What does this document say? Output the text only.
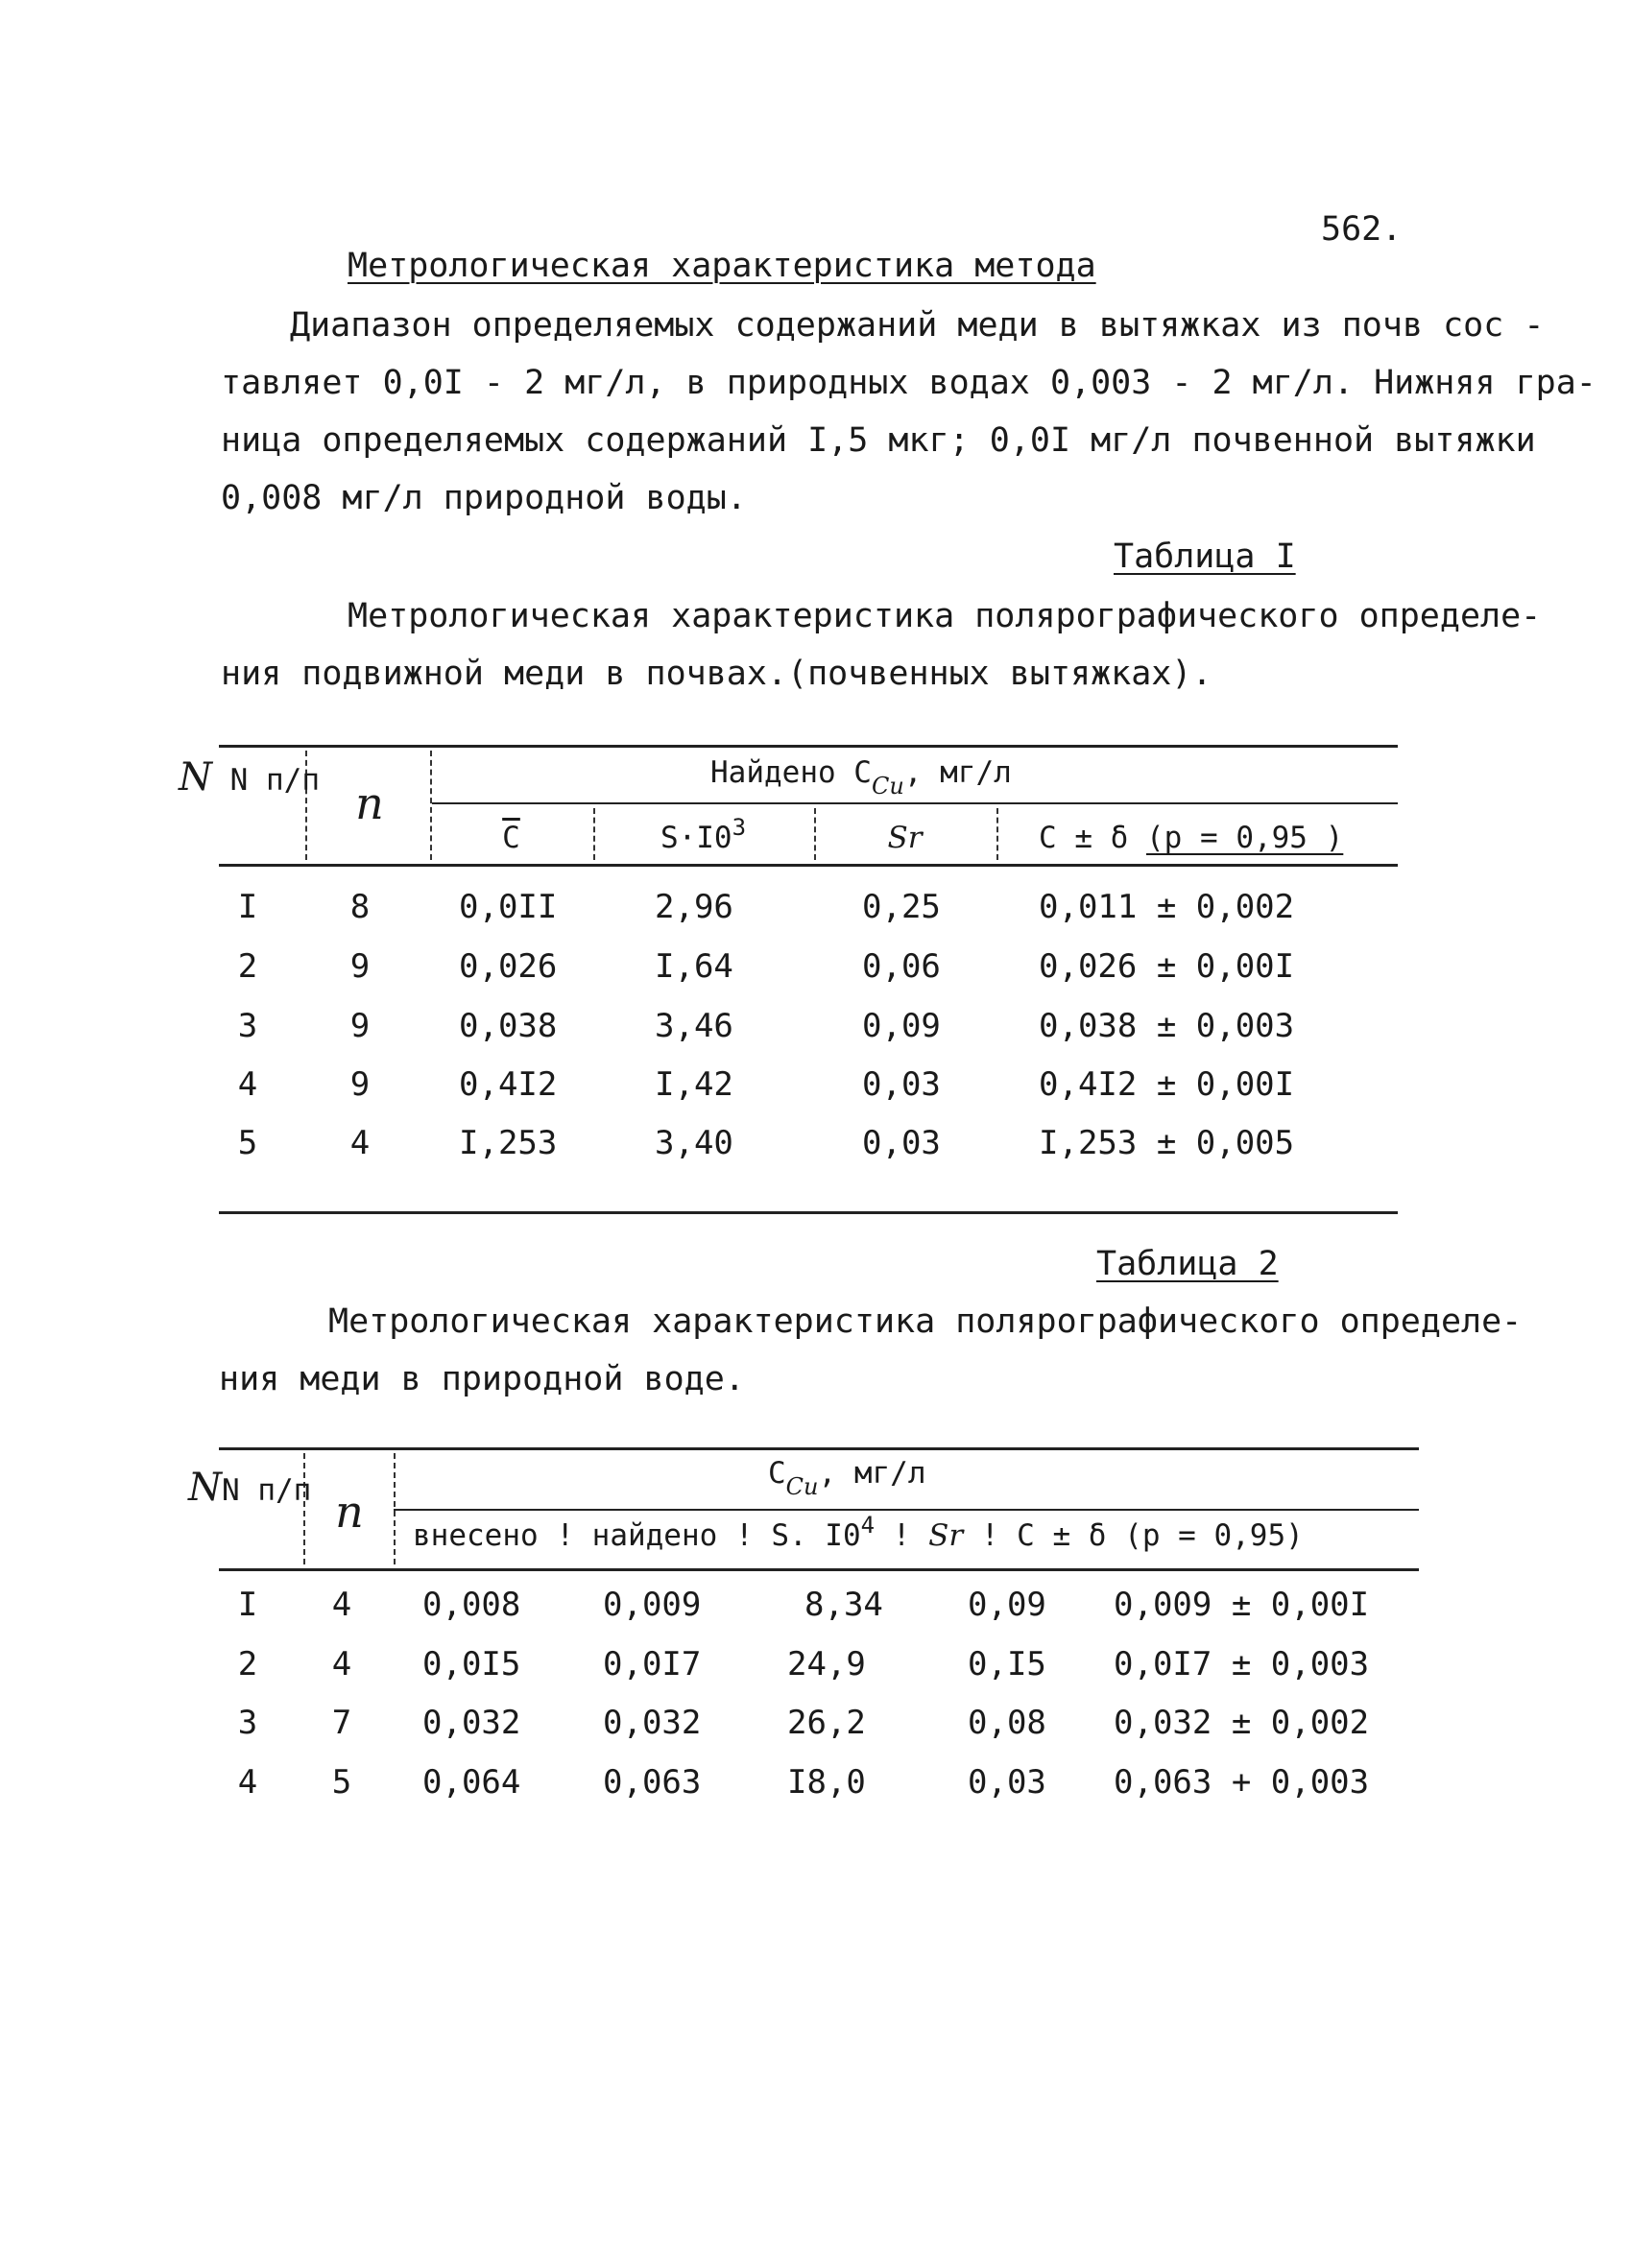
562.
Метрологическая характеристика метода
Диапазон определяемых содержаний меди в вытяжках из почв сос -
тавляет 0,0I - 2 мг/л, в природных водах 0,003 - 2 мг/л. Нижняя гра-
ница определяемых содержаний I,5 мкг; 0,0I мг/л почвенной вытяжки
0,008 мг/л природной воды.
Таблица I
Метрологическая характеристика полярографического определе-
ния подвижной меди в почвах.(почвенных вытяжках).
N N п/п n
Найдено $C_{Cu}$, мг/л
$\overline{C}$	$S\cdot I0^3$	Sr	C ± δ (p = 0,95 )
I	8	0,0II	2,96	0,25	0,011 ± 0,002
2	9	0,026	I,64	0,06	0,026 ± 0,00I
3	9	0,038	3,46	0,09	0,038 ± 0,003
4	9	0,4I2	I,42	0,03	0,4I2 ± 0,00I
5	4	I,253	3,40	0,03	I,253 ± 0,005
Таблица 2
Метрологическая характеристика полярографического определе-
ния меди в природной воде.
NN п/п n
$C_{Cu}$, мг/л
внесено ! найдено ! S. $I0^4$ ! Sr ! C ± δ (p = 0,95)
I	4	0,008	0,009	8,34	0,09 0,009 ± 0,00I
2	4	0,0I5	0,0I7	24,9	0,I5 0,0I7 ± 0,003
3	7	0,032	0,032	26,2	0,08 0,032 ± 0,002
4	5	0,064	0,063	I8,0	0,03 0,063 + 0,003
